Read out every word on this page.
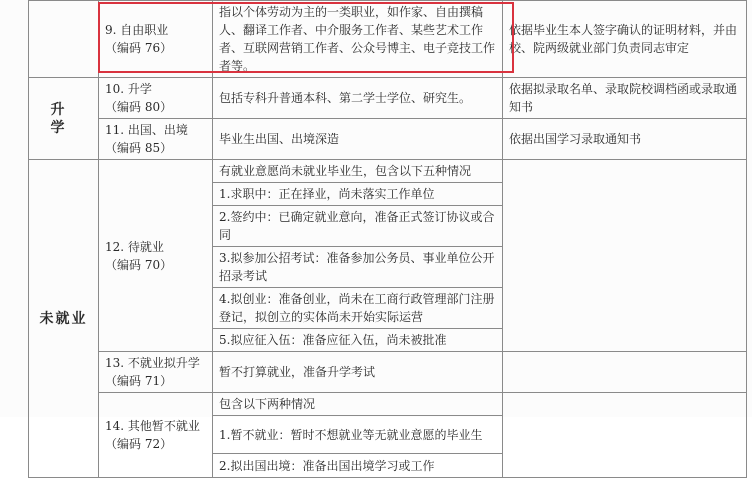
	9. 自由职业
（编码 76）	指以个体劳动为主的一类职业，如作家、自由撰稿人、翻译工作者、中介服务工作者、某些艺术工作者、互联网营销工作者、公众号博主、电子竞技工作者等。	依据毕业生本人签字确认的证明材料，并由校、院两级就业部门负责同志审定
升 学	10. 升学
（编码 80）	包括专科升普通本科、第二学士学位、研究生。	依据拟录取名单、录取院校调档函或录取通知书

	11. 出国、出境
（编码 85）	毕业生出国、出境深造	依据出国学习录取通知书
未就业	12. 待就业
（编码 70）	有就业意愿尚未就业毕业生，包含以下五种情况	
		1.求职中：正在择业，尚未落实工作单位	
		2.签约中：已确定就业意向，准备正式签订协议或合同	
		3.拟参加公招考试：准备参加公务员、事业单位公开招录考试	
		4.拟创业：准备创业，尚未在工商行政管理部门注册登记，拟创立的实体尚未开始实际运营	
		5.拟应征入伍：准备应征入伍，尚未被批准	

	13. 不就业拟升学
（编码 71）	暂不打算就业，准备升学考试	

	14. 其他暂不就业
（编码 72）	包含以下两种情况	
		1.暂不就业：暂时不想就业等无就业意愿的毕业生	
		2.拟出国出境：准备出国出境学习或工作	
